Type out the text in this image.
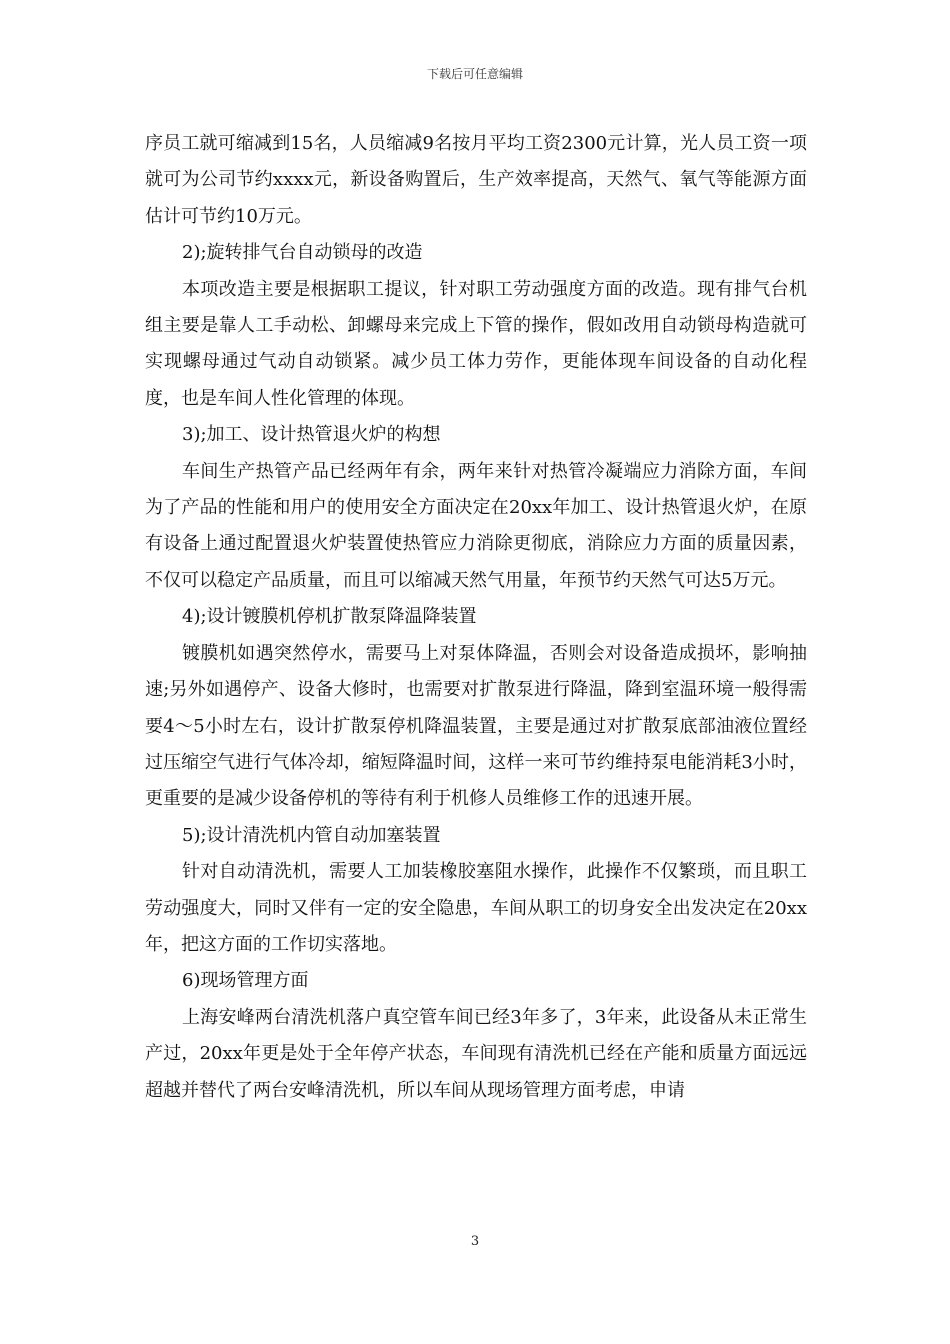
下载后可任意编辑

序员工就可缩减到15名，人员缩减9名按月平均工资2300元计算，光人员工资一项就可为公司节约xxxx元，新设备购置后，生产效率提高，天然气、氧气等能源方面估计可节约10万元。

2);旋转排气台自动锁母的改造

本项改造主要是根据职工提议，针对职工劳动强度方面的改造。现有排气台机组主要是靠人工手动松、卸螺母来完成上下管的操作，假如改用自动锁母构造就可实现螺母通过气动自动锁紧。减少员工体力劳作，更能体现车间设备的自动化程度，也是车间人性化管理的体现。

3);加工、设计热管退火炉的构想

车间生产热管产品已经两年有余，两年来针对热管冷凝端应力消除方面，车间为了产品的性能和用户的使用安全方面决定在20xx年加工、设计热管退火炉，在原有设备上通过配置退火炉装置使热管应力消除更彻底，消除应力方面的质量因素，不仅可以稳定产品质量，而且可以缩减天然气用量，年预节约天然气可达5万元。

4);设计镀膜机停机扩散泵降温降装置

镀膜机如遇突然停水，需要马上对泵体降温，否则会对设备造成损坏，影响抽速;另外如遇停产、设备大修时，也需要对扩散泵进行降温，降到室温环境一般得需要4～5小时左右，设计扩散泵停机降温装置，主要是通过对扩散泵底部油液位置经过压缩空气进行气体冷却，缩短降温时间，这样一来可节约维持泵电能消耗3小时，更重要的是减少设备停机的等待有利于机修人员维修工作的迅速开展。

5);设计清洗机内管自动加塞装置

针对自动清洗机，需要人工加装橡胶塞阻水操作，此操作不仅繁琐，而且职工劳动强度大，同时又伴有一定的安全隐患，车间从职工的切身安全出发决定在20xx年，把这方面的工作切实落地。

6)现场管理方面

上海安峰两台清洗机落户真空管车间已经3年多了，3年来，此设备从未正常生产过，20xx年更是处于全年停产状态，车间现有清洗机已经在产能和质量方面远远超越并替代了两台安峰清洗机，所以车间从现场管理方面考虑，申请

3
